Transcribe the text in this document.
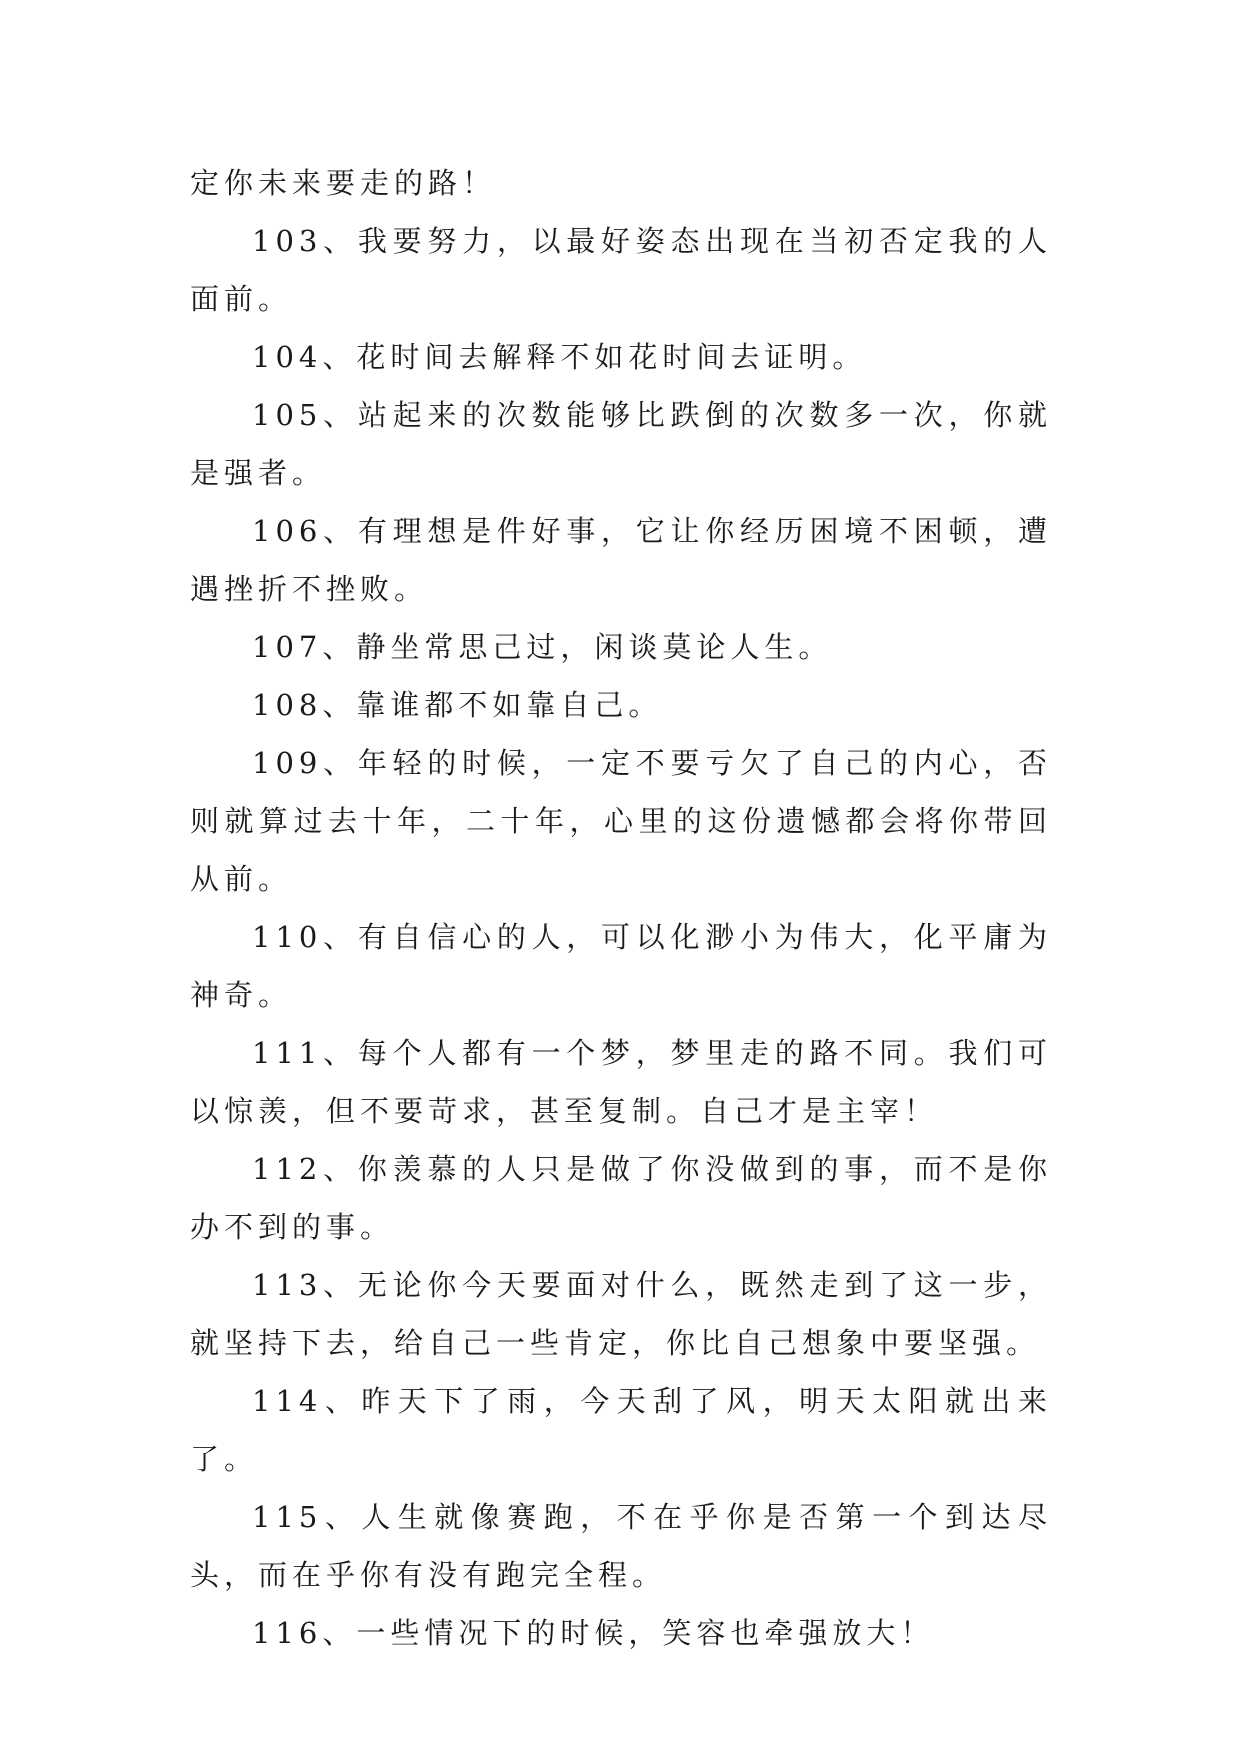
定你未来要走的路！

103、我要努力，以最好姿态出现在当初否定我的人面前。

104、花时间去解释不如花时间去证明。

105、站起来的次数能够比跌倒的次数多一次，你就是强者。

106、有理想是件好事，它让你经历困境不困顿，遭遇挫折不挫败。

107、静坐常思己过，闲谈莫论人生。

108、靠谁都不如靠自己。

109、年轻的时候，一定不要亏欠了自己的内心，否则就算过去十年，二十年，心里的这份遗憾都会将你带回从前。

110、有自信心的人，可以化渺小为伟大，化平庸为神奇。

111、每个人都有一个梦，梦里走的路不同。我们可以惊羡，但不要苛求，甚至复制。自己才是主宰！

112、你羡慕的人只是做了你没做到的事，而不是你办不到的事。

113、无论你今天要面对什么，既然走到了这一步，就坚持下去，给自己一些肯定，你比自己想象中要坚强。

114、昨天下了雨，今天刮了风，明天太阳就出来了。

115、人生就像赛跑，不在乎你是否第一个到达尽头，而在乎你有没有跑完全程。

116、一些情况下的时候，笑容也牵强放大！
